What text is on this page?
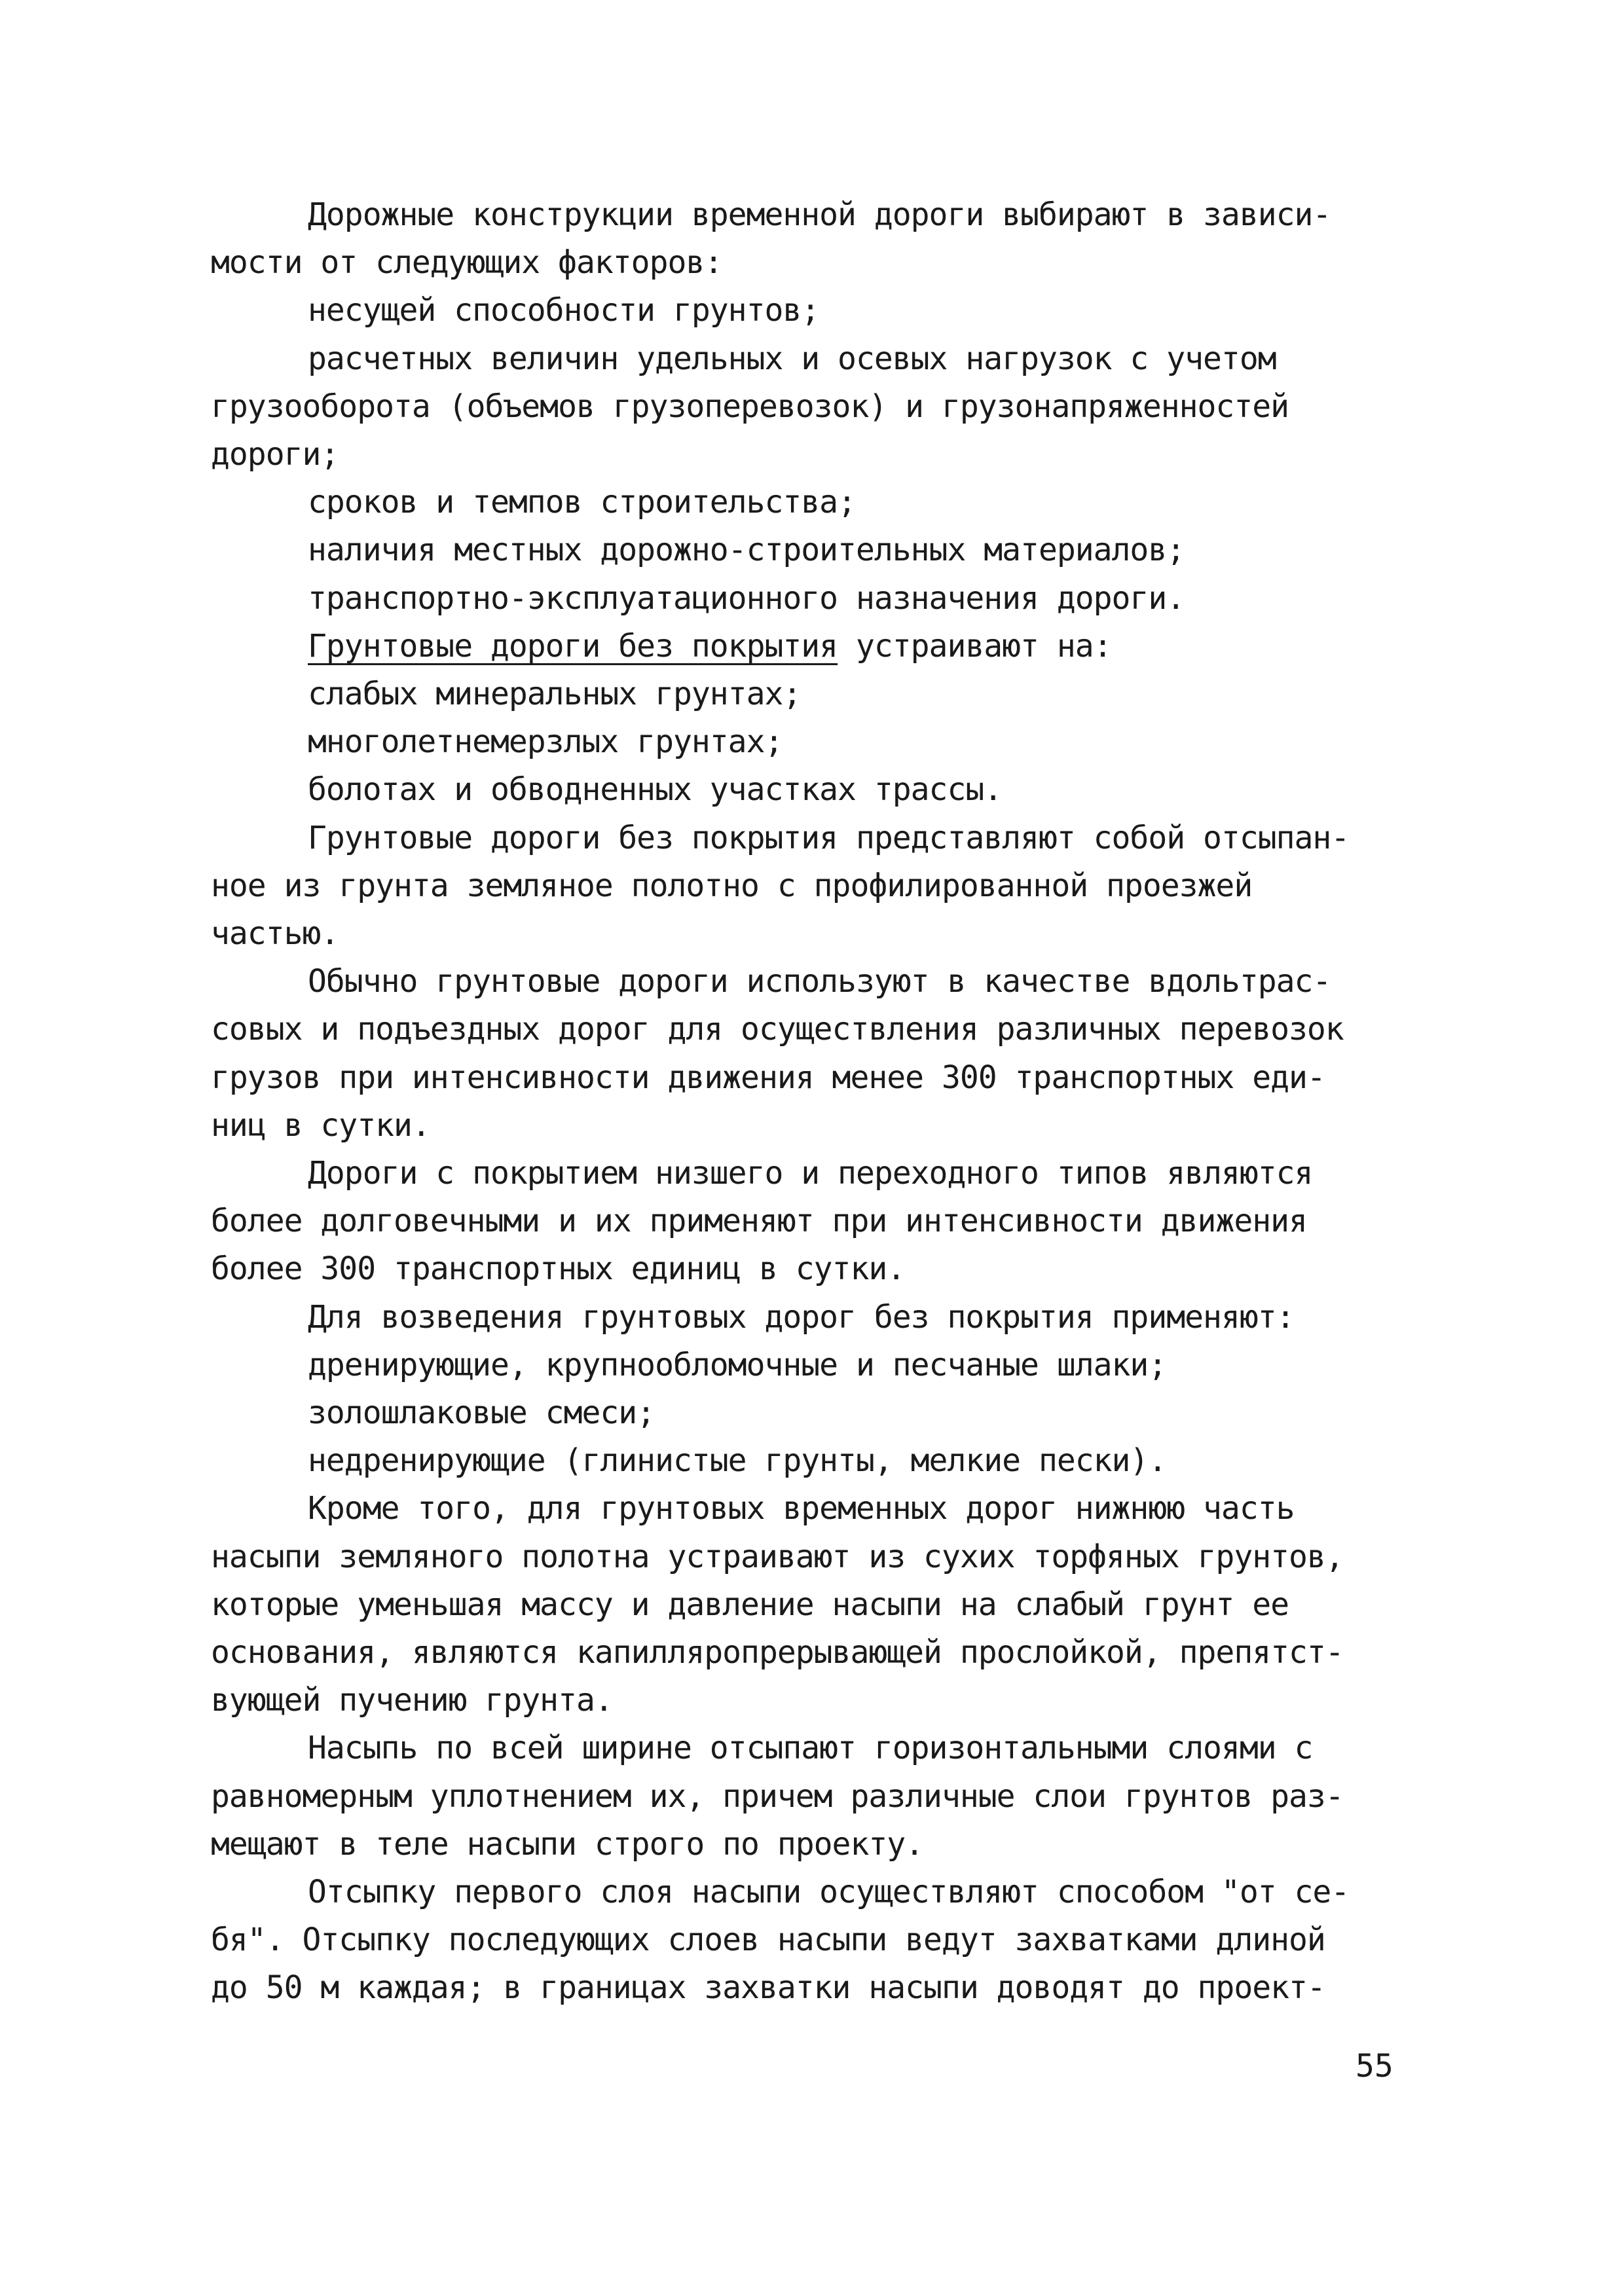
Дорожные конструкции временной дороги выбирают в зависи-
мости от следующих факторов:
несущей способности грунтов;
расчетных величин удельных и осевых нагрузок с учетом
грузооборота (объемов грузоперевозок) и грузонапряженностей
дороги;
сроков и темпов строительства;
наличия местных дорожно-строительных материалов;
транспортно-эксплуатационного назначения дороги.
Грунтовые дороги без покрытия устраивают на:
слабых минеральных грунтах;
многолетнемерзлых грунтах;
болотах и обводненных участках трассы.
Грунтовые дороги без покрытия представляют собой отсыпан-
ное из грунта земляное полотно с профилированной проезжей
частью.
Обычно грунтовые дороги используют в качестве вдольтрас-
совых и подъездных дорог для осуществления различных перевозок
грузов при интенсивности движения менее 300 транспортных еди-
ниц в сутки.
Дороги с покрытием низшего и переходного типов являются
более долговечными и их применяют при интенсивности движения
более 300 транспортных единиц в сутки.
Для возведения грунтовых дорог без покрытия применяют:
дренирующие, крупнообломочные и песчаные шлаки;
золошлаковые смеси;
недренирующие (глинистые грунты, мелкие пески).
Кроме того, для грунтовых временных дорог нижнюю часть
насыпи земляного полотна устраивают из сухих торфяных грунтов,
которые уменьшая массу и давление насыпи на слабый грунт ее
основания, являются капилляропрерывающей прослойкой, препятст-
вующей пучению грунта.
Насыпь по всей ширине отсыпают горизонтальными слоями с
равномерным уплотнением их, причем различные слои грунтов раз-
мещают в теле насыпи строго по проекту.
Отсыпку первого слоя насыпи осуществляют способом "от се-
бя". Отсыпку последующих слоев насыпи ведут захватками длиной
до 50 м каждая; в границах захватки насыпи доводят до проект-
55
